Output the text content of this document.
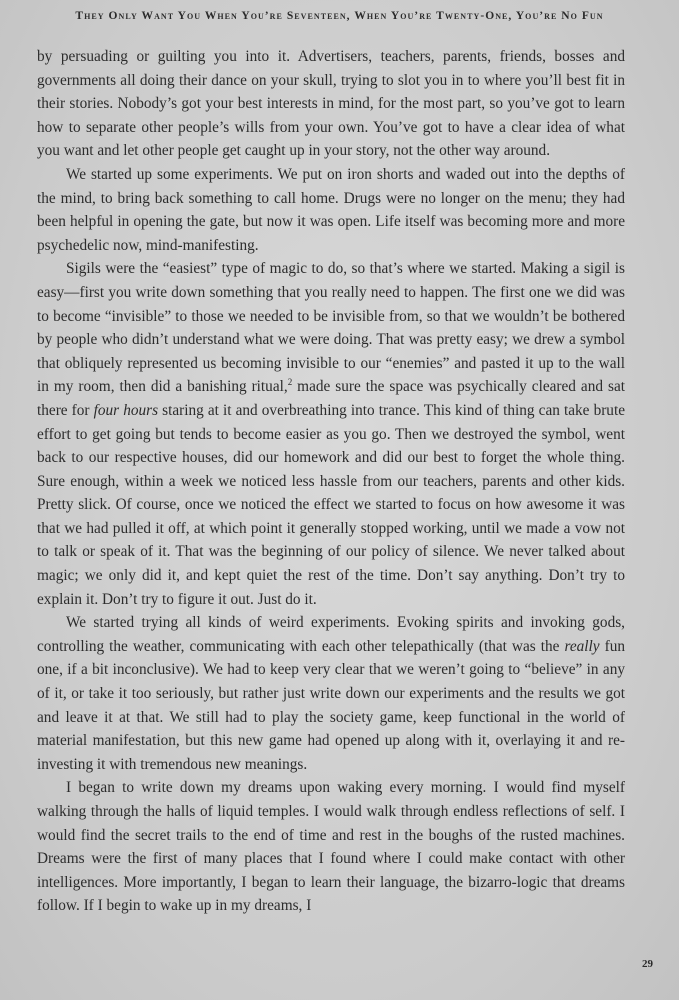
They Only Want You When You’re Seventeen, When You’re Twenty-One, You’re No Fun

by persuading or guilting you into it. Advertisers, teachers, parents, friends, bosses and governments all doing their dance on your skull, trying to slot you in to where you’ll best fit in their stories. Nobody’s got your best interests in mind, for the most part, so you’ve got to learn how to separate other people’s wills from your own. You’ve got to have a clear idea of what you want and let other people get caught up in your story, not the other way around.

We started up some experiments. We put on iron shorts and waded out into the depths of the mind, to bring back something to call home. Drugs were no longer on the menu; they had been helpful in opening the gate, but now it was open. Life itself was becoming more and more psychedelic now, mind-manifesting.

Sigils were the “easiest” type of magic to do, so that’s where we started. Making a sigil is easy—first you write down something that you really need to happen. The first one we did was to become “invisible” to those we needed to be invisible from, so that we wouldn’t be bothered by people who didn’t understand what we were doing. That was pretty easy; we drew a symbol that obliquely represented us becoming invisible to our “enemies” and pasted it up to the wall in my room, then did a banishing ritual,$^2$ made sure the space was psychically cleared and sat there for four hours staring at it and overbreathing into trance. This kind of thing can take brute effort to get going but tends to become easier as you go. Then we destroyed the symbol, went back to our respective houses, did our homework and did our best to forget the whole thing. Sure enough, within a week we noticed less hassle from our teachers, parents and other kids. Pretty slick. Of course, once we noticed the effect we started to focus on how awesome it was that we had pulled it off, at which point it generally stopped working, until we made a vow not to talk or speak of it. That was the beginning of our policy of silence. We never talked about magic; we only did it, and kept quiet the rest of the time. Don’t say anything. Don’t try to explain it. Don’t try to figure it out. Just do it.

We started trying all kinds of weird experiments. Evoking spirits and invoking gods, controlling the weather, communicating with each other telepathically (that was the really fun one, if a bit inconclusive). We had to keep very clear that we weren’t going to “believe” in any of it, or take it too seriously, but rather just write down our experiments and the results we got and leave it at that. We still had to play the society game, keep functional in the world of material manifestation, but this new game had opened up along with it, overlaying it and re-investing it with tremendous new meanings.

I began to write down my dreams upon waking every morning. I would find myself walking through the halls of liquid temples. I would walk through endless reflections of self. I would find the secret trails to the end of time and rest in the boughs of the rusted machines. Dreams were the first of many places that I found where I could make contact with other intelligences. More importantly, I began to learn their language, the bizarro-logic that dreams follow. If I begin to wake up in my dreams, I

29
